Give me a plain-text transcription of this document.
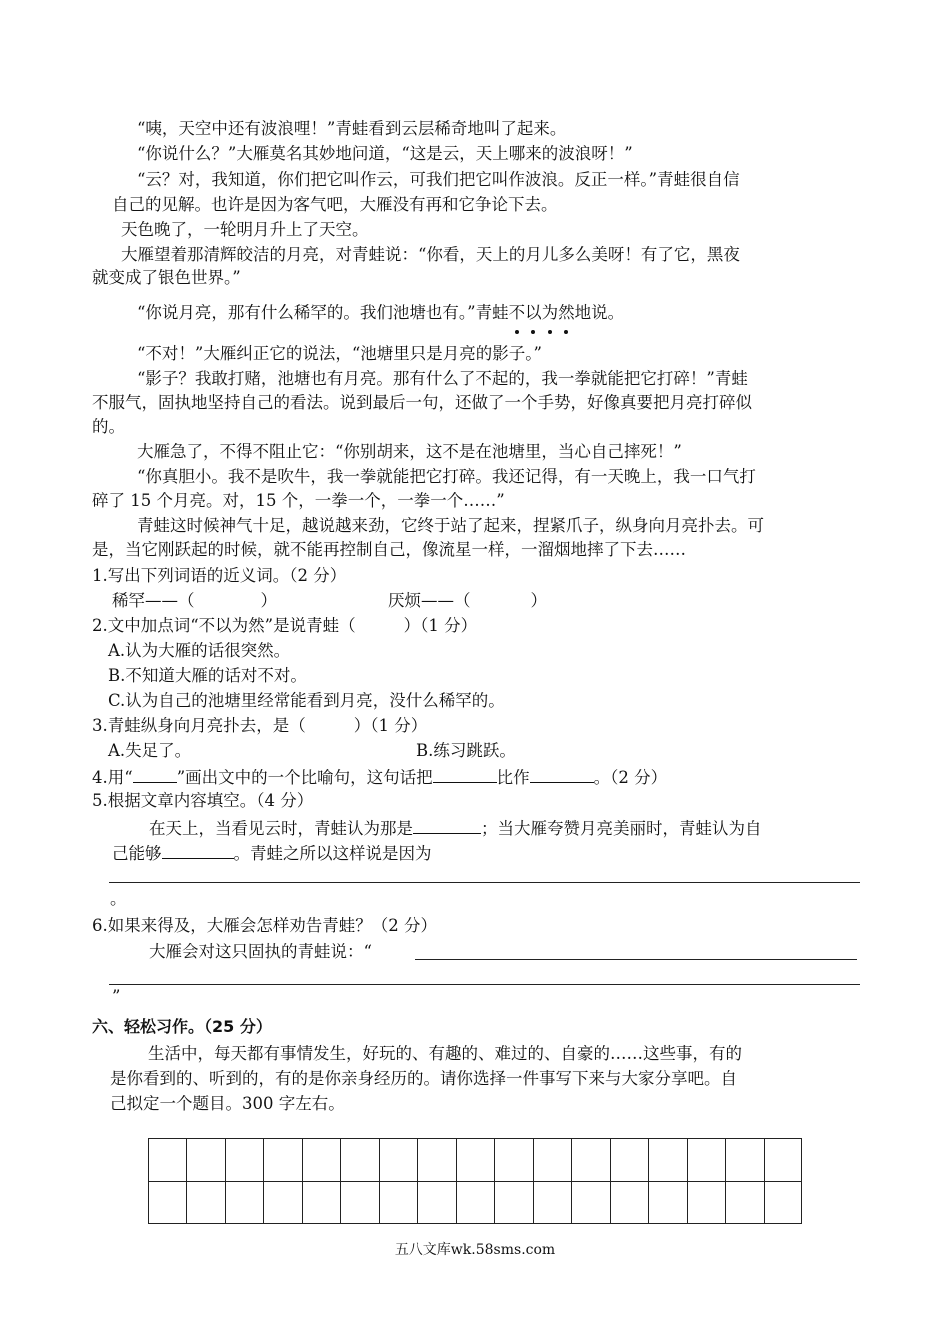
“咦，天空中还有波浪哩！”青蛙看到云层稀奇地叫了起来。
“你说什么？”大雁莫名其妙地问道，“这是云，天上哪来的波浪呀！”
“云？对，我知道，你们把它叫作云，可我们把它叫作波浪。反正一样。”青蛙很自信
自己的见解。也许是因为客气吧，大雁没有再和它争论下去。
天色晚了，一轮明月升上了天空。
大雁望着那清辉皎洁的月亮，对青蛙说：“你看，天上的月儿多么美呀！有了它，黑夜
就变成了银色世界。”
“你说月亮，那有什么稀罕的。我们池塘也有。”青蛙不以为然
地说。
“不对！”大雁纠正它的说法，“池塘里只是月亮的影子。”
“影子？我敢打赌，池塘也有月亮。那有什么了不起的，我一拳就能把它打碎！”青蛙
不服气，固执地坚持自己的看法。说到最后一句，还做了一个手势，好像真要把月亮打碎似
的。
大雁急了，不得不阻止它：“你别胡来，这不是在池塘里，当心自己摔死！”
“你真胆小。我不是吹牛，我一拳就能把它打碎。我还记得，有一天晚上，我一口气打
碎了 15 个月亮。对，15 个，一拳一个，一拳一个……”
青蛙这时候神气十足，越说越来劲，它终于站了起来，捏紧爪子，纵身向月亮扑去。可
是，当它刚跃起的时候，就不能再控制自己，像流星一样，一溜烟地摔了下去……
1.写出下列词语的近义词。（2 分）
稀罕——（	）	厌烦——（	）
2.文中加点词“不以为然”是说青蛙（	）（1 分）
A.认为大雁的话很突然。
B.不知道大雁的话对不对。
C.认为自己的池塘里经常能看到月亮，没什么稀罕的。
3.青蛙纵身向月亮扑去，是（	）（1 分）
A.失足了。	B.练习跳跃。
4.用“	”画出文中的一个比喻句，这句话把	比作	。（2 分）
5.根据文章内容填空。（4 分）
在天上，当看见云时，青蛙认为那是	；当大雁夸赞月亮美丽时，青蛙认为自
己能够	。青蛙之所以这样说是因为
。
6.如果来得及，大雁会怎样劝告青蛙？（2 分）
大雁会对这只固执的青蛙说：“
”
六、轻松习作。（25 分）
生活中，每天都有事情发生，好玩的、有趣的、难过的、自豪的……这些事，有的
是你看到的、听到的，有的是你亲身经历的。请你选择一件事写下来与大家分享吧。自
己拟定一个题目。300 字左右。
五八文库wk.58sms.com
